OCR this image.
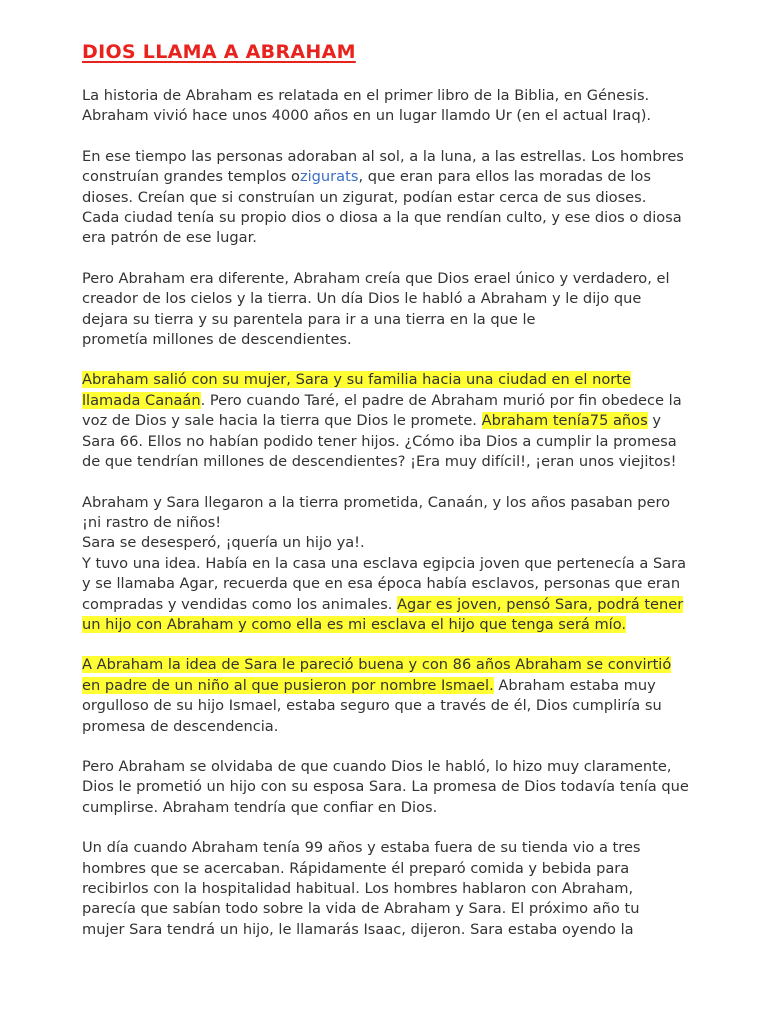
DIOS LLAMA A ABRAHAM

La historia de Abraham es relatada en el primer libro de la Biblia, en Génesis.
Abraham vivió hace unos 4000 años en un lugar llamdo Ur (en el actual Iraq).

En ese tiempo las personas adoraban al sol, a la luna, a las estrellas. Los hombres
construían grandes templos ozigurats, que eran para ellos las moradas de los
dioses. Creían que si construían un zigurat, podían estar cerca de sus dioses.
Cada ciudad tenía su propio dios o diosa a la que rendían culto, y ese dios o diosa
era patrón de ese lugar.

Pero Abraham era diferente, Abraham creía que Dios erael único y verdadero, el
creador de los cielos y la tierra. Un día Dios le habló a Abraham y le dijo que
dejara su tierra y su parentela para ir a una tierra en la que le
prometía millones de descendientes.

Abraham salió con su mujer, Sara y su familia hacia una ciudad en el norte
llamada Canaán. Pero cuando Taré, el padre de Abraham murió por fin obedece la
voz de Dios y sale hacia la tierra que Dios le promete. Abraham tenía75 años y
Sara 66. Ellos no habían podido tener hijos. ¿Cómo iba Dios a cumplir la promesa
de que tendrían millones de descendientes? ¡Era muy difícil!, ¡eran unos viejitos!

Abraham y Sara llegaron a la tierra prometida, Canaán, y los años pasaban pero
¡ni rastro de niños!
Sara se desesperó, ¡quería un hijo ya!.
Y tuvo una idea. Había en la casa una esclava egipcia joven que pertenecía a Sara
y se llamaba Agar, recuerda que en esa época había esclavos, personas que eran
compradas y vendidas como los animales. Agar es joven, pensó Sara, podrá tener
un hijo con Abraham y como ella es mi esclava el hijo que tenga será mío.

A Abraham la idea de Sara le pareció buena y con 86 años Abraham se convirtió
en padre de un niño al que pusieron por nombre Ismael. Abraham estaba muy
orgulloso de su hijo Ismael, estaba seguro que a través de él, Dios cumpliría su
promesa de descendencia.

Pero Abraham se olvidaba de que cuando Dios le habló, lo hizo muy claramente,
Dios le prometió un hijo con su esposa Sara. La promesa de Dios todavía tenía que
cumplirse. Abraham tendría que confiar en Dios.

Un día cuando Abraham tenía 99 años y estaba fuera de su tienda vio a tres
hombres que se acercaban. Rápidamente él preparó comida y bebida para
recibirlos con la hospitalidad habitual. Los hombres hablaron con Abraham,
parecía que sabían todo sobre la vida de Abraham y Sara. El próximo año tu
mujer Sara tendrá un hijo, le llamarás Isaac, dijeron. Sara estaba oyendo la
